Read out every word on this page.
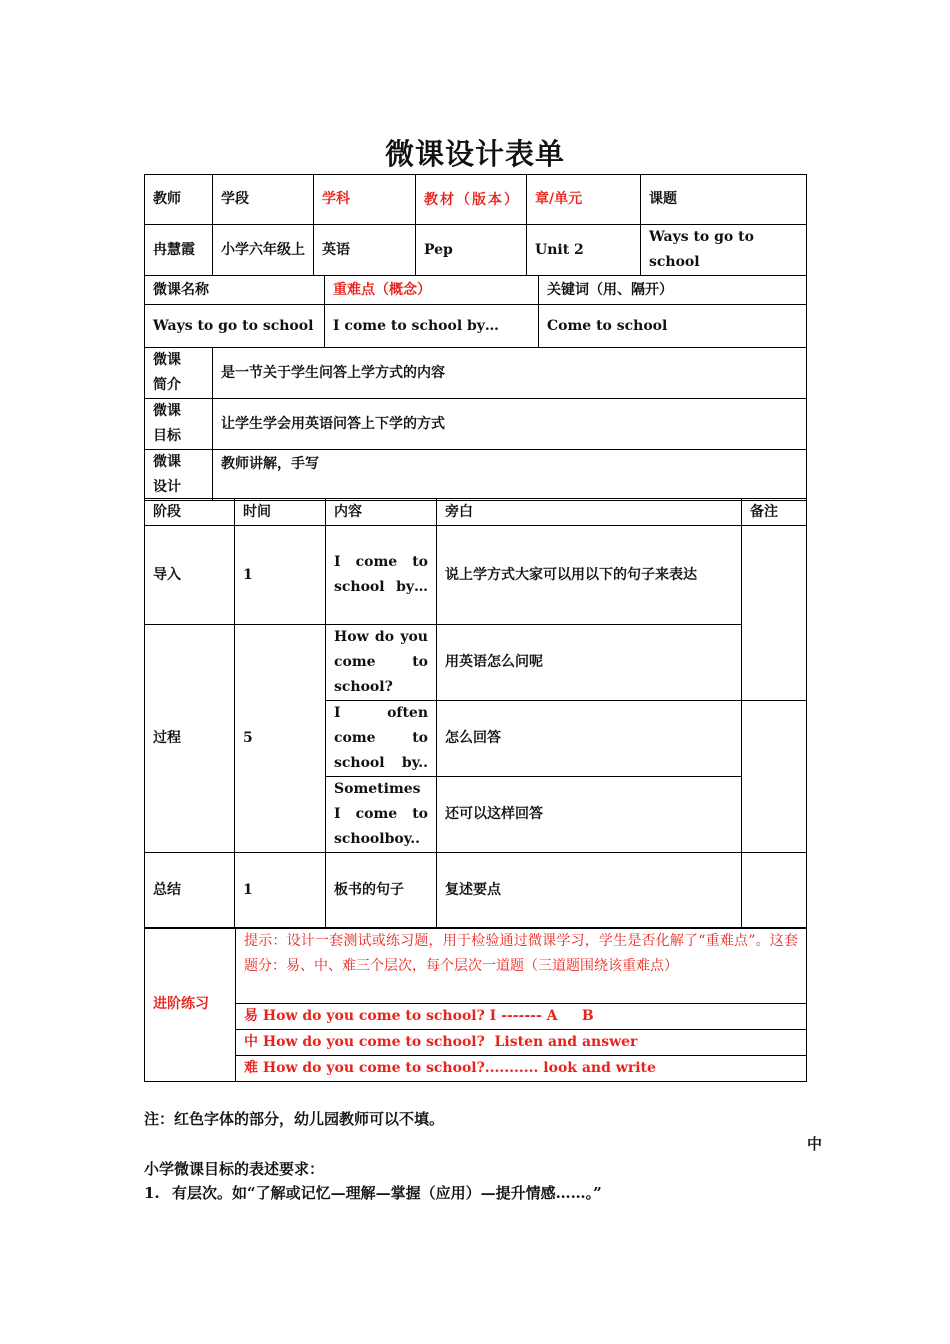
微课设计表单
教师	学段	学科	教材（版本）	章/单元	课题
冉慧霞	小学六年级上	英语	Pep	Unit 2	Ways to go to school
微课名称	重难点（概念）	关键词（用、隔开）
Ways to go to school	I come to school by…	Come to school
微课简介	是一节关于学生问答上学方式的内容

微课目标	让学生学会用英语问答上下学的方式

微课设计	教师讲解，手写
阶段	时间	内容	旁白	备注
导入	1	I come to school by…	说上学方式大家可以用以下的句子来表达	
过程	5	How do you come to school?	用英语怎么问呢	

		I often come to school by..	怎么回答	

		Sometimes I come to schoolboy..	还可以这样回答	
总结	1	板书的句子	复述要点	
进阶练习	
提示：设计一套测试或练习题，用于检验通过微课学习，学生是否化解了“重难点”。这套题分：易、中、难三个层次，每个层次一道题（三道题围绕该重难点）

易 How do you come to school? I ------- A     B
中 How do you come to school?  Listen and answer
难 How do you come to school?........... look and write
注：红色字体的部分，幼儿园教师可以不填。
中
小学微课目标的表述要求：
1. 有层次。如“了解或记忆—理解—掌握（应用）—提升情感……。”
